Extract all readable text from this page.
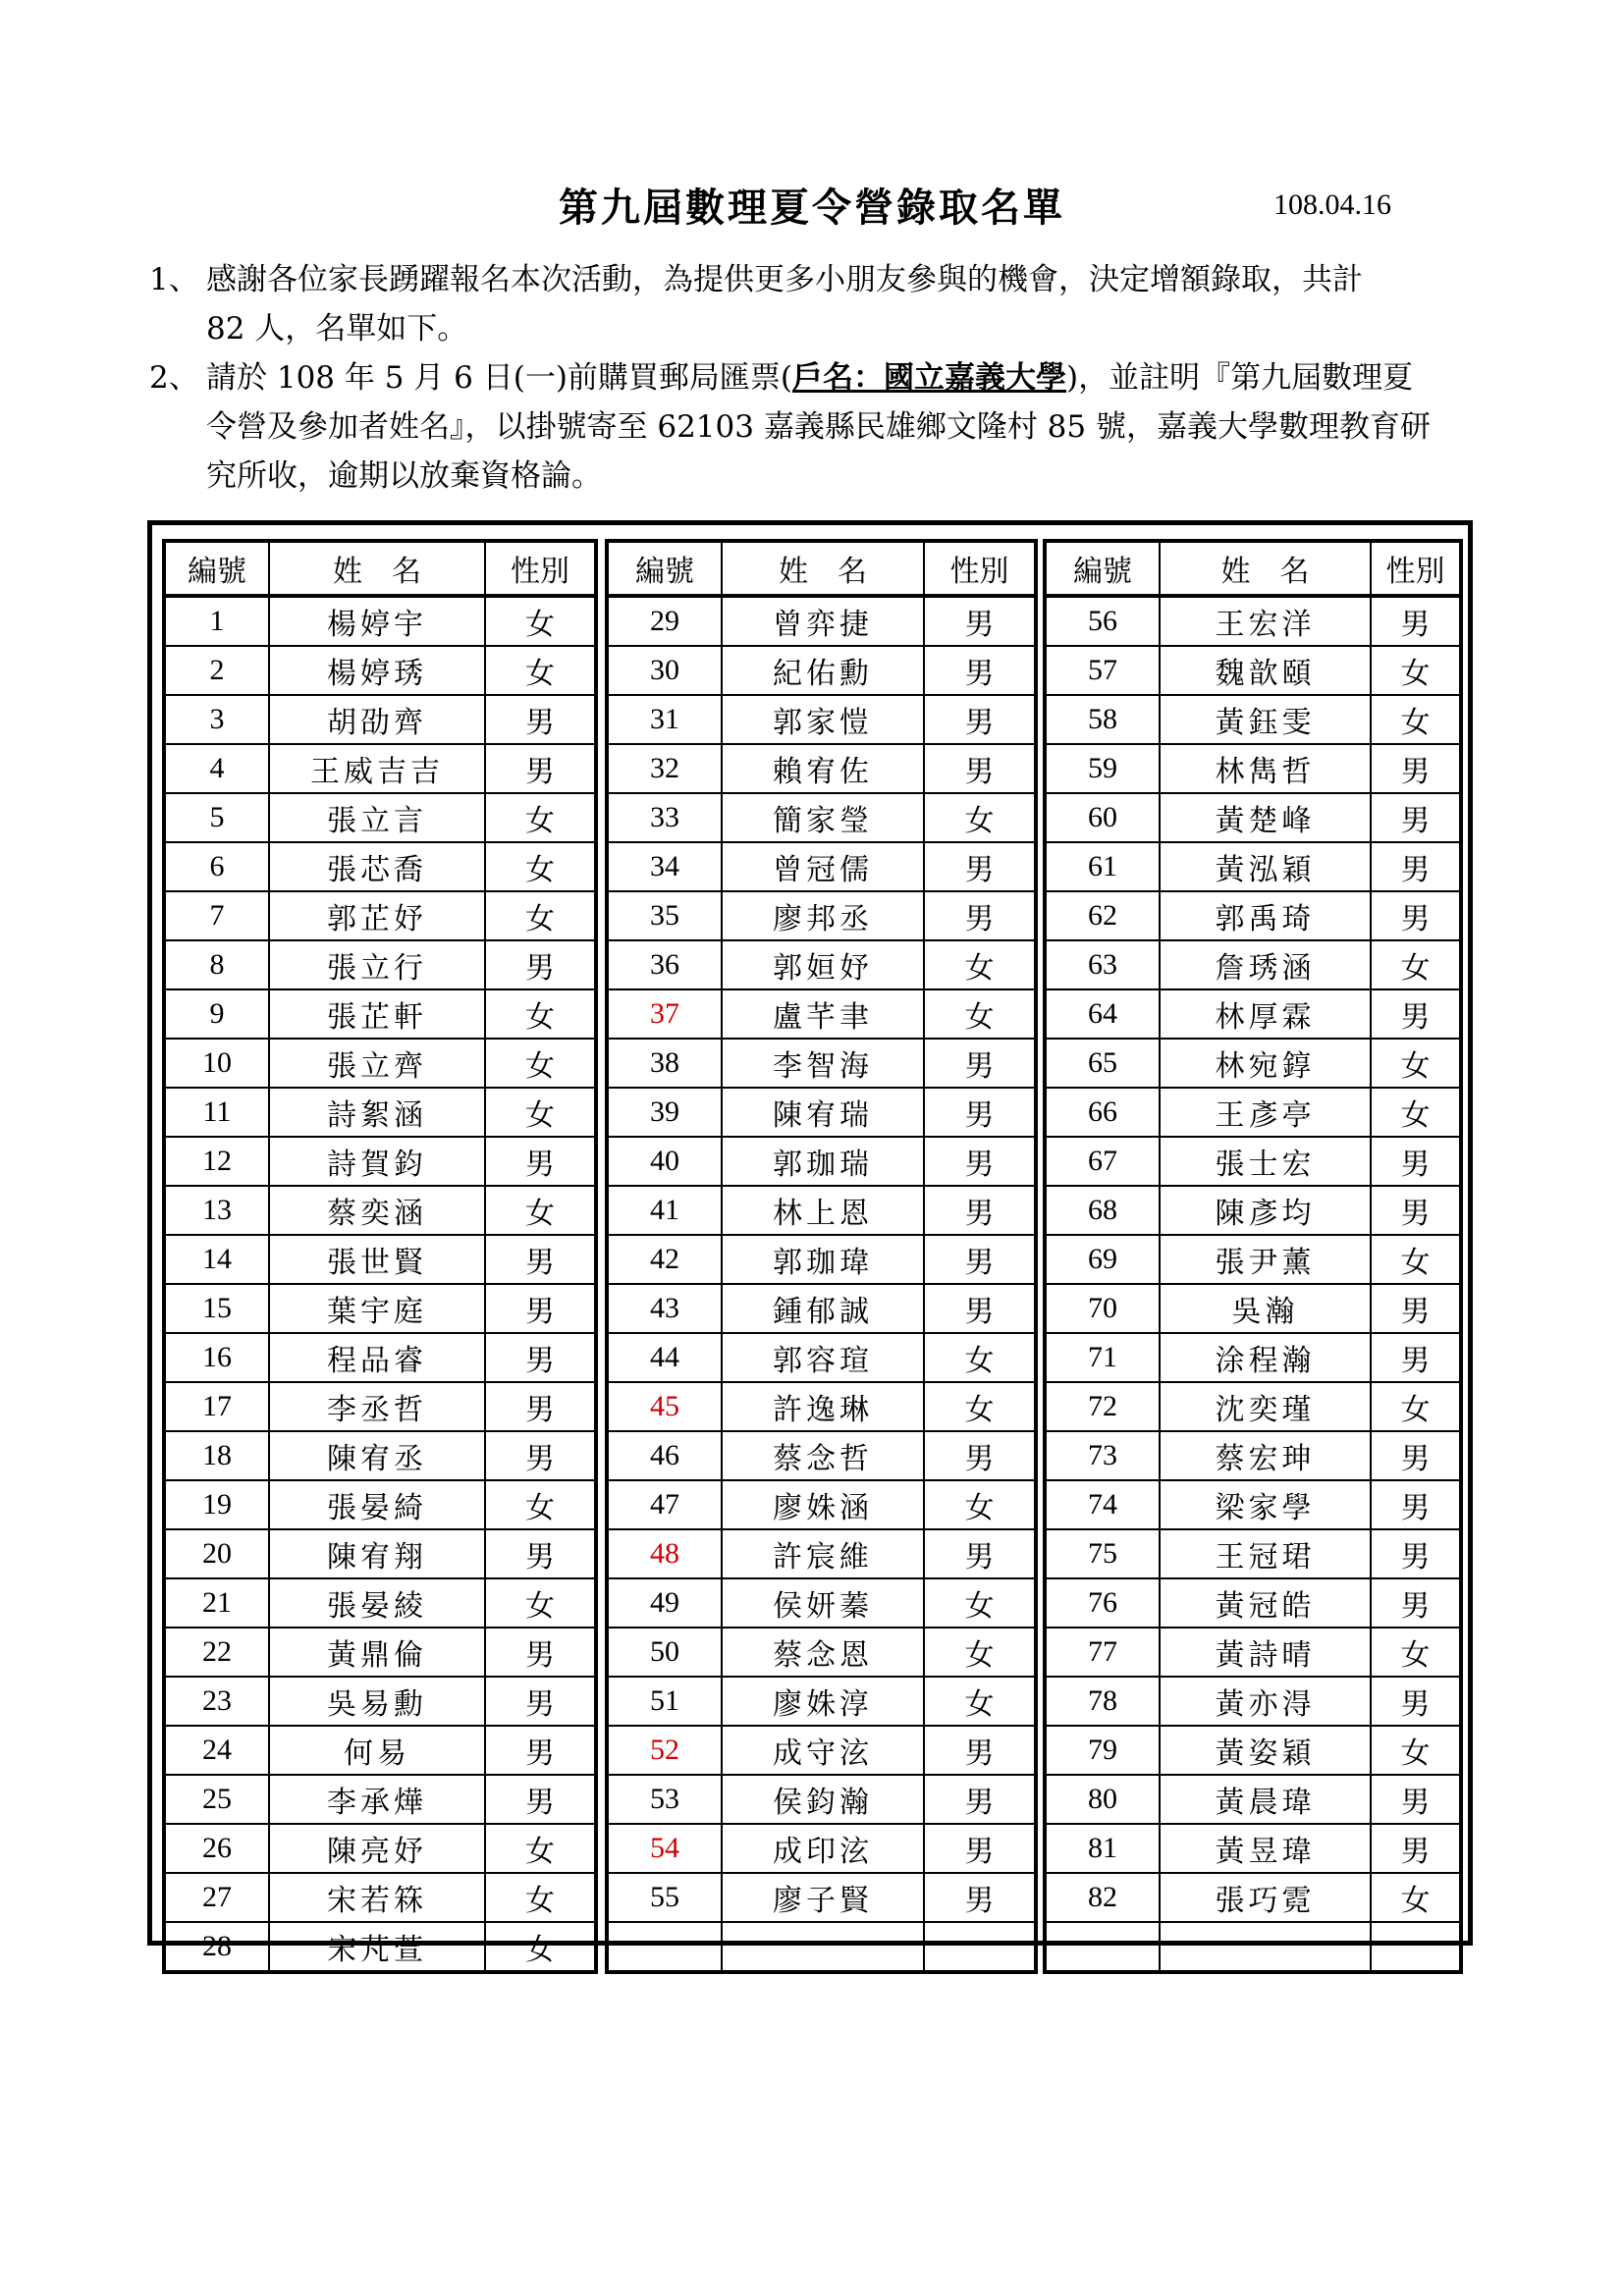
第九屆數理夏令營錄取名單	108.04.16
1、 感謝各位家長踴躍報名本次活動，為提供更多小朋友參與的機會，決定增額錄取，共計
82 人，名單如下。
2、 請於 108 年 5 月 6 日(一)前購買郵局匯票(戶名：國立嘉義大學)，並註明『第九屆數理夏
令營及參加者姓名』，以掛號寄至 62103 嘉義縣民雄鄉文隆村 85 號，嘉義大學數理教育研
究所收，逾期以放棄資格論。
編號	姓　名	性別
1	楊婷宇	女
2	楊婷琇	女
3	胡劭齊	男
4	王威吉吉	男
5	張立言	女
6	張芯喬	女
7	郭芷妤	女
8	張立行	男
9	張芷軒	女
10	張立齊	女
11	詩絮涵	女
12	詩賀鈞	男
13	蔡奕涵	女
14	張世賢	男
15	葉宇庭	男
16	程品睿	男
17	李丞哲	男
18	陳宥丞	男
19	張晏綺	女
20	陳宥翔	男
21	張晏綾	女
22	黃鼎倫	男
23	吳易勳	男
24	何易	男
25	李承燁	男
26	陳亮妤	女
27	宋若箖	女
28	宋芃萱	女
編號	姓　名	性別
29	曾弈捷	男
30	紀佑勳	男
31	郭家愷	男
32	賴宥佐	男
33	簡家瑩	女
34	曾冠儒	男
35	廖邦丞	男
36	郭姮妤	女
37	盧芊聿	女
38	李智海	男
39	陳宥瑞	男
40	郭珈瑞	男
41	林上恩	男
42	郭珈瑋	男
43	鍾郁誠	男
44	郭容瑄	女
45	許逸琳	女
46	蔡念哲	男
47	廖姝涵	女
48	許宸維	男
49	侯妍蓁	女
50	蔡念恩	女
51	廖姝淳	女
52	成守泫	男
53	侯鈞瀚	男
54	成印泫	男
55	廖子賢	男

編號	姓　名	性別
56	王宏洋	男
57	魏歆頤	女
58	黃鈺雯	女
59	林雋哲	男
60	黃楚峰	男
61	黃泓穎	男
62	郭禹琦	男
63	詹琇涵	女
64	林厚霖	男
65	林宛錞	女
66	王彥亭	女
67	張士宏	男
68	陳彥均	男
69	張尹薰	女
70	吳瀚	男
71	涂程瀚	男
72	沈奕瑾	女
73	蔡宏珅	男
74	梁家學	男
75	王冠珺	男
76	黃冠皓	男
77	黃詩晴	女
78	黃亦淂	男
79	黃姿穎	女
80	黃晨瑋	男
81	黃昱瑋	男
82	張巧霓	女
